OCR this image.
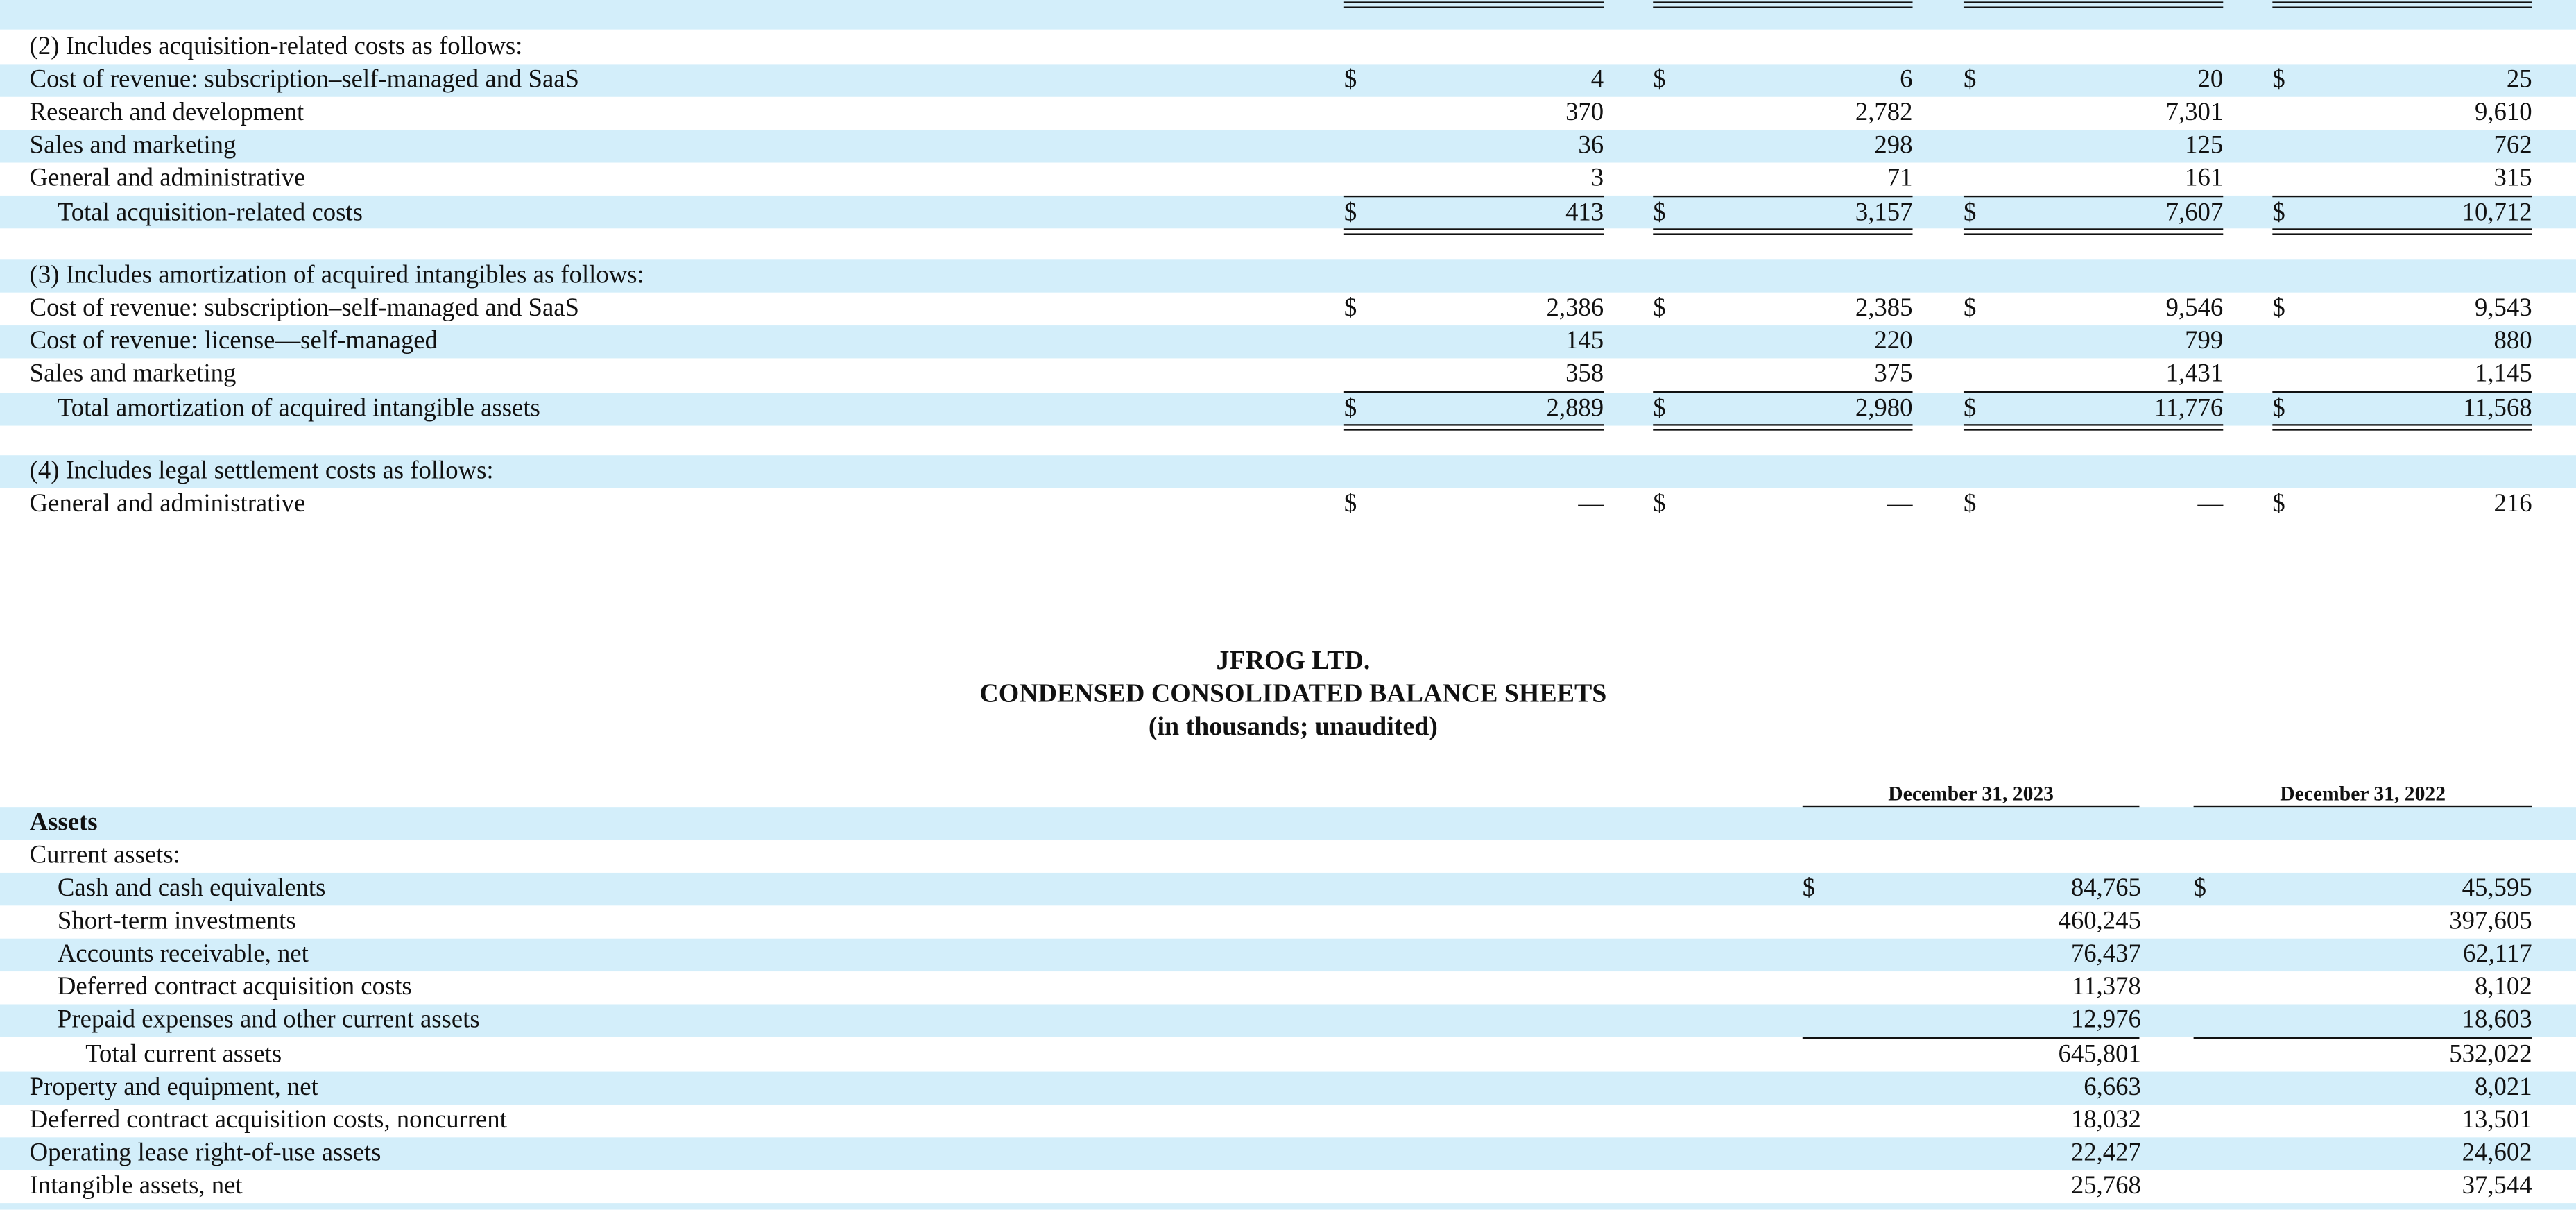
(2) Includes acquisition-related costs as follows:
Cost of revenue: subscription–self-managed and SaaS	$	4	$	6	$	20	$	25
Research and development	370	2,782	7,301	9,610
Sales and marketing	36	298	125	762
General and administrative	3	71	161	315
Total acquisition-related costs	$	413	$	3,157	$	7,607	$	10,712
(3) Includes amortization of acquired intangibles as follows:
Cost of revenue: subscription–self-managed and SaaS	$	2,386	$	2,385	$	9,546	$	9,543
Cost of revenue: license—self-managed	145	220	799	880
Sales and marketing	358	375	1,431	1,145
Total amortization of acquired intangible assets	$	2,889	$	2,980	$	11,776	$	11,568
(4) Includes legal settlement costs as follows:
General and administrative	$	—	$	—	$	—	$	216
JFROG LTD.
CONDENSED CONSOLIDATED BALANCE SHEETS
(in thousands; unaudited)
December 31, 2023	December 31, 2022
Assets
Current assets:
Cash and cash equivalents	$	84,765	$	45,595
Short-term investments	460,245	397,605
Accounts receivable, net	76,437	62,117
Deferred contract acquisition costs	11,378	8,102
Prepaid expenses and other current assets	12,976	18,603
Total current assets	645,801	532,022
Property and equipment, net	6,663	8,021
Deferred contract acquisition costs, noncurrent	18,032	13,501
Operating lease right-of-use assets	22,427	24,602
Intangible assets, net	25,768	37,544
